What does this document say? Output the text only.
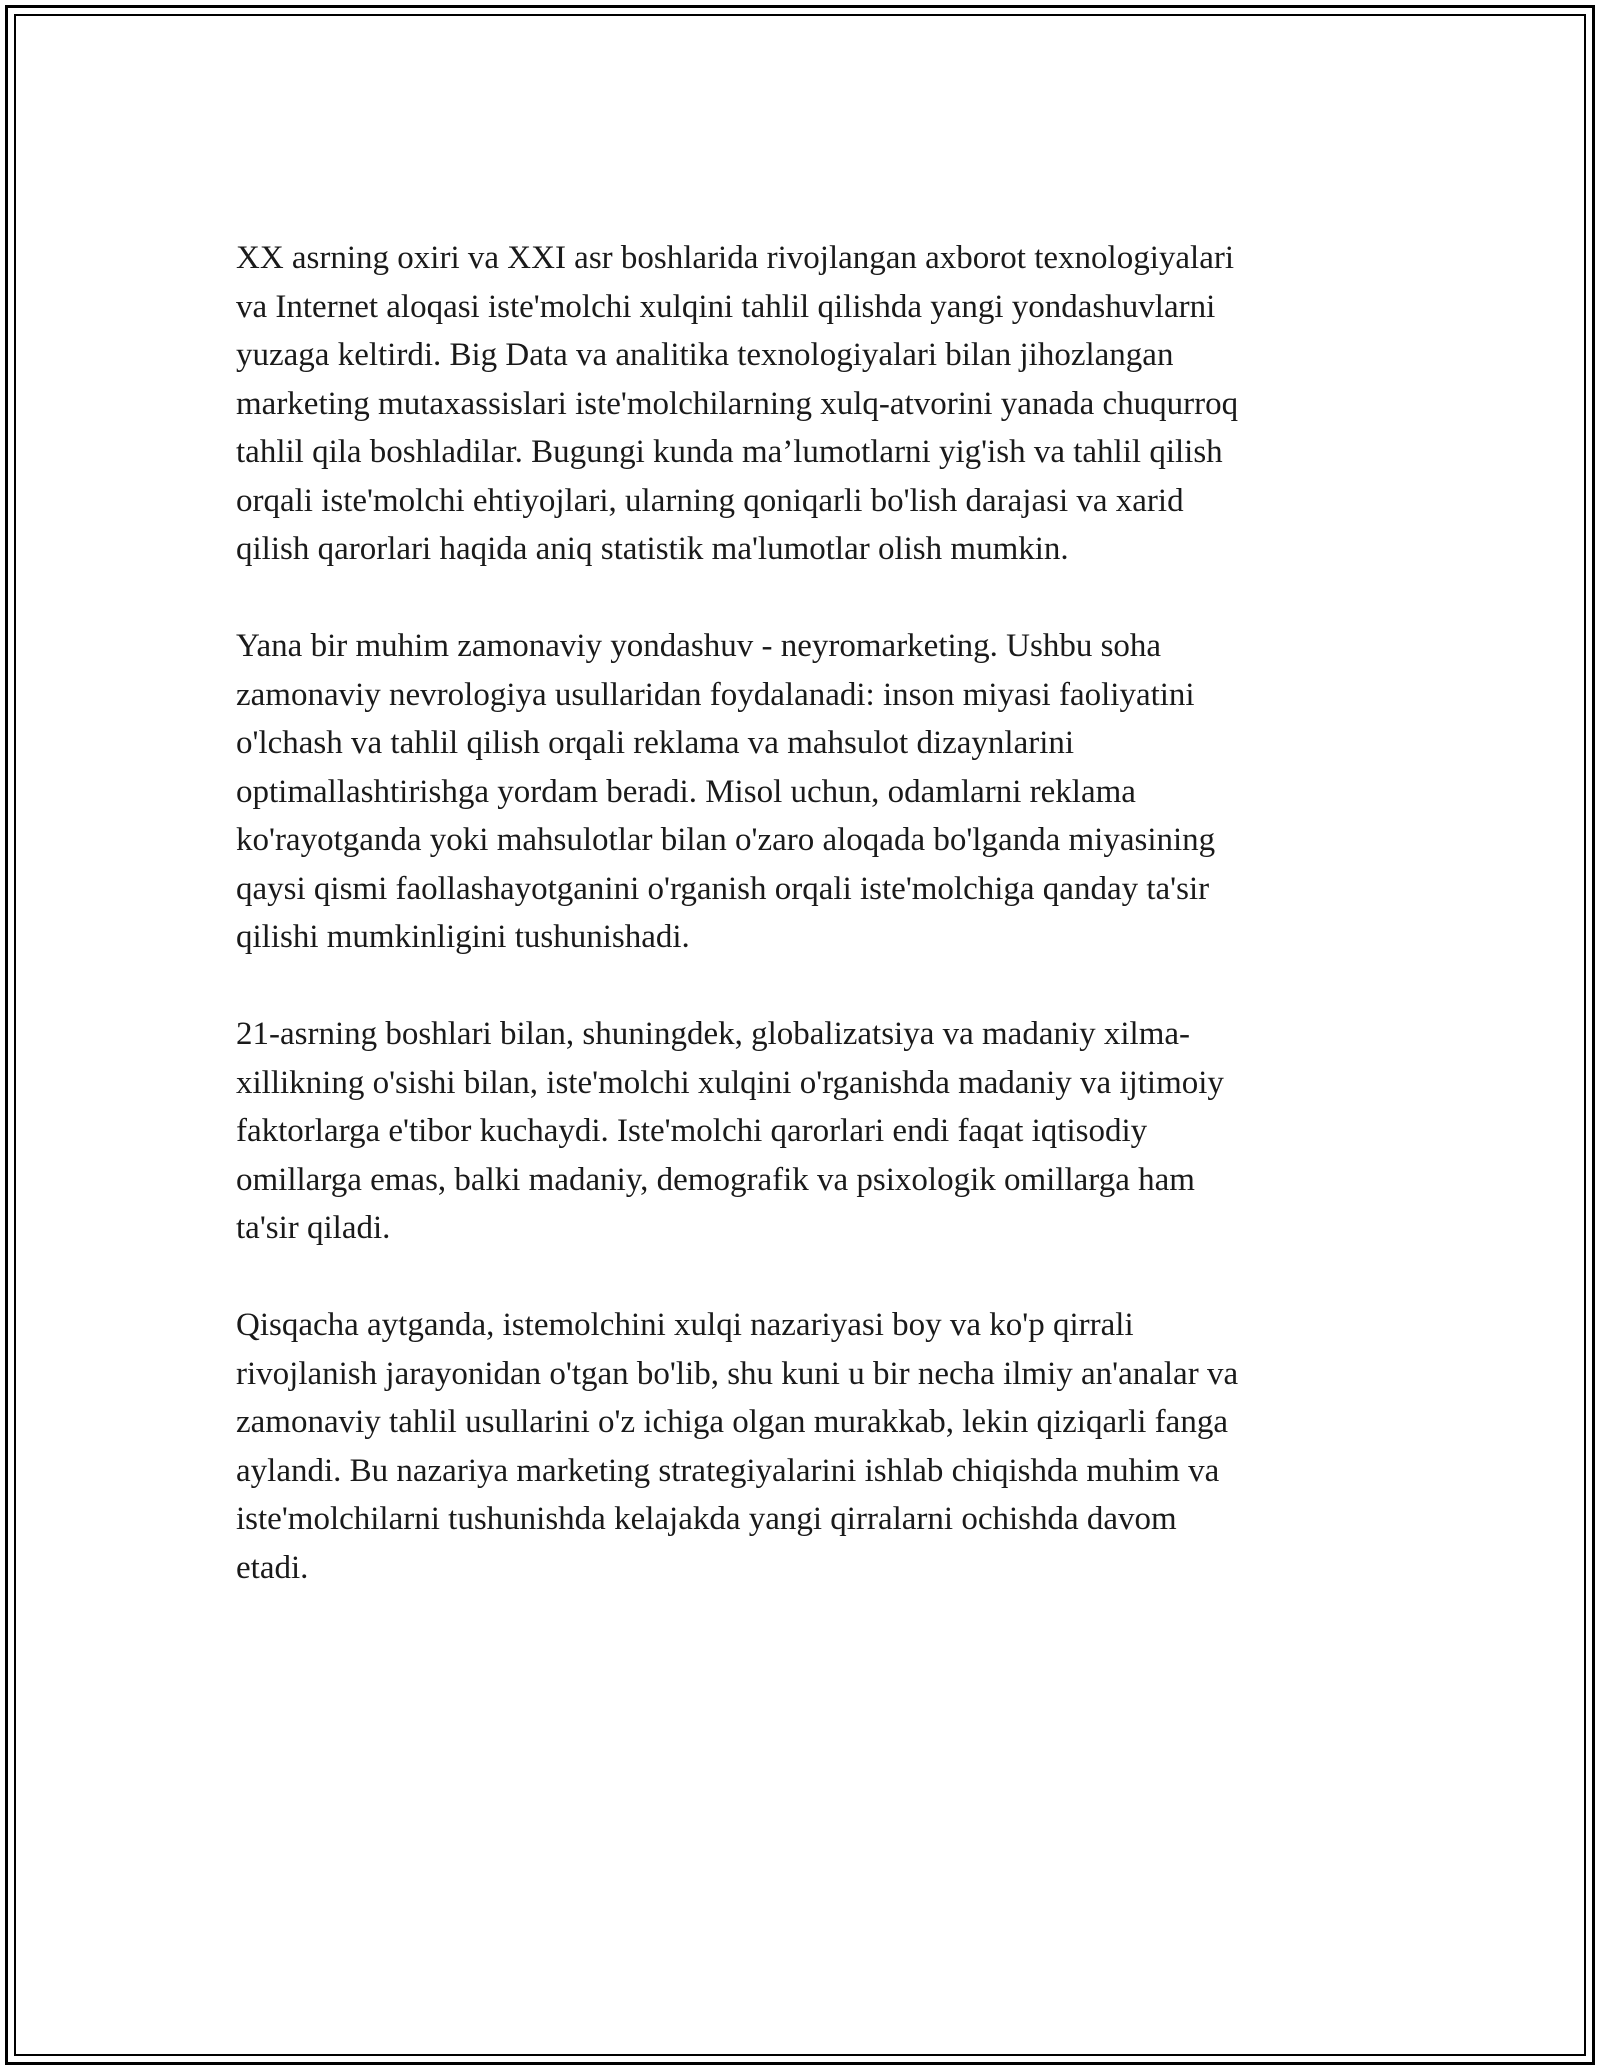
XX asrning oxiri va XXI asr boshlarida rivojlangan axborot texnologiyalari
va Internet aloqasi iste'molchi xulqini tahlil qilishda yangi yondashuvlarni
yuzaga keltirdi. Big Data va analitika texnologiyalari bilan jihozlangan
marketing mutaxassislari iste'molchilarning xulq-atvorini yanada chuqurroq
tahlil qila boshladilar. Bugungi kunda ma’lumotlarni yig'ish va tahlil qilish
orqali iste'molchi ehtiyojlari, ularning qoniqarli bo'lish darajasi va xarid
qilish qarorlari haqida aniq statistik ma'lumotlar olish mumkin.

Yana bir muhim zamonaviy yondashuv - neyromarketing. Ushbu soha
zamonaviy nevrologiya usullaridan foydalanadi: inson miyasi faoliyatini
o'lchash va tahlil qilish orqali reklama va mahsulot dizaynlarini
optimallashtirishga yordam beradi. Misol uchun, odamlarni reklama
ko'rayotganda yoki mahsulotlar bilan o'zaro aloqada bo'lganda miyasining
qaysi qismi faollashayotganini o'rganish orqali iste'molchiga qanday ta'sir
qilishi mumkinligini tushunishadi.

21-asrning boshlari bilan, shuningdek, globalizatsiya va madaniy xilma-
xillikning o'sishi bilan, iste'molchi xulqini o'rganishda madaniy va ijtimoiy
faktorlarga e'tibor kuchaydi. Iste'molchi qarorlari endi faqat iqtisodiy
omillarga emas, balki madaniy, demografik va psixologik omillarga ham
ta'sir qiladi.

Qisqacha aytganda, istemolchini xulqi nazariyasi boy va ko'p qirrali
rivojlanish jarayonidan o'tgan bo'lib, shu kuni u bir necha ilmiy an'analar va
zamonaviy tahlil usullarini o'z ichiga olgan murakkab, lekin qiziqarli fanga
aylandi. Bu nazariya marketing strategiyalarini ishlab chiqishda muhim va
iste'molchilarni tushunishda kelajakda yangi qirralarni ochishda davom
etadi.
